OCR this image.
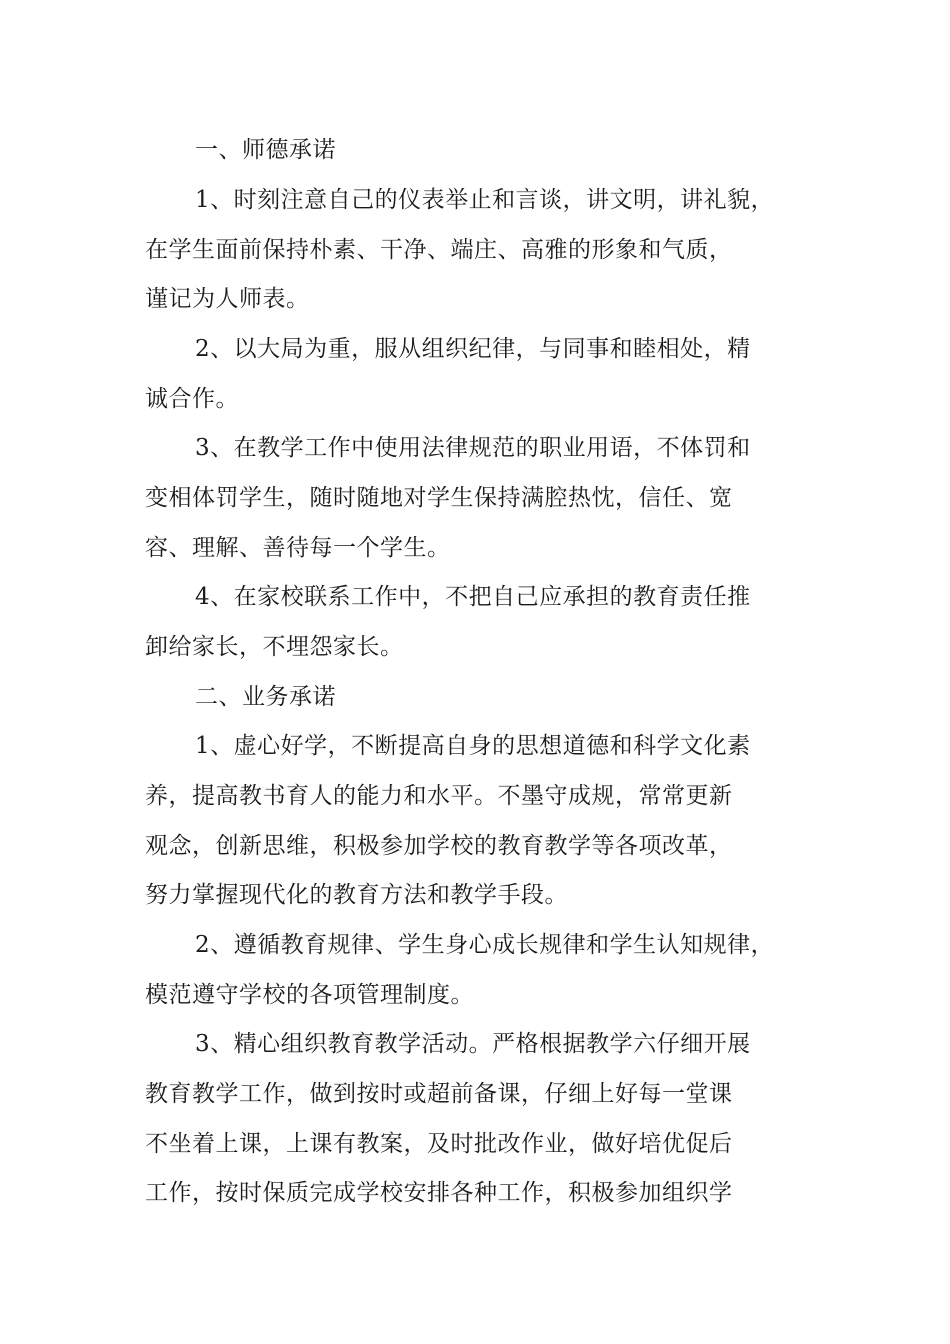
一、师德承诺
1、时刻注意自己的仪表举止和言谈，讲文明，讲礼貌，
在学生面前保持朴素、干净、端庄、高雅的形象和气质，
谨记为人师表。
2、以大局为重，服从组织纪律，与同事和睦相处，精
诚合作。
3、在教学工作中使用法律规范的职业用语，不体罚和
变相体罚学生，随时随地对学生保持满腔热忱，信任、宽
容、理解、善待每一个学生。
4、在家校联系工作中，不把自己应承担的教育责任推
卸给家长，不埋怨家长。
二、业务承诺
1、虚心好学，不断提高自身的思想道德和科学文化素
养，提高教书育人的能力和水平。不墨守成规，常常更新
观念，创新思维，积极参加学校的教育教学等各项改革，
努力掌握现代化的教育方法和教学手段。
2、遵循教育规律、学生身心成长规律和学生认知规律，
模范遵守学校的各项管理制度。
3、精心组织教育教学活动。严格根据教学六仔细开展
教育教学工作，做到按时或超前备课，仔细上好每一堂课
不坐着上课，上课有教案，及时批改作业，做好培优促后
工作，按时保质完成学校安排各种工作，积极参加组织学
